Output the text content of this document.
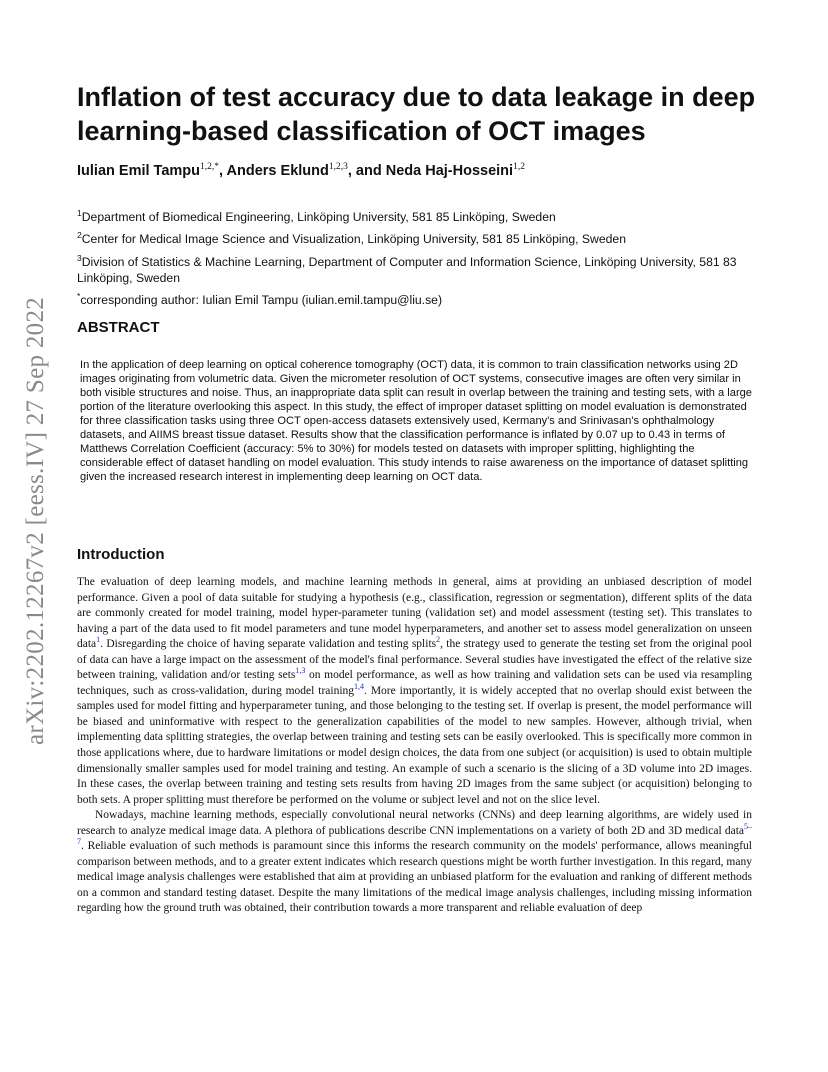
arXiv:2202.12267v2 [eess.IV] 27 Sep 2022
Inflation of test accuracy due to data leakage in deep learning-based classification of OCT images
Iulian Emil Tampu$^{1,2,*}$, Anders Eklund$^{1,2,3}$, and Neda Haj-Hosseini$^{1,2}$

$^1$Department of Biomedical Engineering, Linköping University, 581 85 Linköping, Sweden

$^2$Center for Medical Image Science and Visualization, Linköping University, 581 85 Linköping, Sweden

$^3$Division of Statistics & Machine Learning, Department of Computer and Information Science, Linköping University, 581 83 Linköping, Sweden

*corresponding author: Iulian Emil Tampu (iulian.emil.tampu@liu.se)

ABSTRACT

In the application of deep learning on optical coherence tomography (OCT) data, it is common to train classification networks using 2D images originating from volumetric data. Given the micrometer resolution of OCT systems, consecutive images are often very similar in both visible structures and noise. Thus, an inappropriate data split can result in overlap between the training and testing sets, with a large portion of the literature overlooking this aspect. In this study, the effect of improper dataset splitting on model evaluation is demonstrated for three classification tasks using three OCT open-access datasets extensively used, Kermany's and Srinivasan's ophthalmology datasets, and AIIMS breast tissue dataset. Results show that the classification performance is inflated by 0.07 up to 0.43 in terms of Matthews Correlation Coefficient (accuracy: 5% to 30%) for models tested on datasets with improper splitting, highlighting the considerable effect of dataset handling on model evaluation. This study intends to raise awareness on the importance of dataset splitting given the increased research interest in implementing deep learning on OCT data.

Introduction

The evaluation of deep learning models, and machine learning methods in general, aims at providing an unbiased description of model performance. Given a pool of data suitable for studying a hypothesis (e.g., classification, regression or segmentation), different splits of the data are commonly created for model training, model hyper-parameter tuning (validation set) and model assessment (testing set). This translates to having a part of the data used to fit model parameters and tune model hyperparameters, and another set to assess model generalization on unseen data$^1$. Disregarding the choice of having separate validation and testing splits$^2$, the strategy used to generate the testing set from the original pool of data can have a large impact on the assessment of the model's final performance. Several studies have investigated the effect of the relative size between training, validation and/or testing sets$^{1,3}$ on model performance, as well as how training and validation sets can be used via resampling techniques, such as cross-validation, during model training$^{1,4}$. More importantly, it is widely accepted that no overlap should exist between the samples used for model fitting and hyperparameter tuning, and those belonging to the testing set. If overlap is present, the model performance will be biased and uninformative with respect to the generalization capabilities of the model to new samples. However, although trivial, when implementing data splitting strategies, the overlap between training and testing sets can be easily overlooked. This is specifically more common in those applications where, due to hardware limitations or model design choices, the data from one subject (or acquisition) is used to obtain multiple dimensionally smaller samples used for model training and testing. An example of such a scenario is the slicing of a 3D volume into 2D images. In these cases, the overlap between training and testing sets results from having 2D images from the same subject (or acquisition) belonging to both sets. A proper splitting must therefore be performed on the volume or subject level and not on the slice level.

Nowadays, machine learning methods, especially convolutional neural networks (CNNs) and deep learning algorithms, are widely used in research to analyze medical image data. A plethora of publications describe CNN implementations on a variety of both 2D and 3D medical data$^{5-7}$. Reliable evaluation of such methods is paramount since this informs the research community on the models' performance, allows meaningful comparison between methods, and to a greater extent indicates which research questions might be worth further investigation. In this regard, many medical image analysis challenges were established that aim at providing an unbiased platform for the evaluation and ranking of different methods on a common and standard testing dataset. Despite the many limitations of the medical image analysis challenges, including missing information regarding how the ground truth was obtained, their contribution towards a more transparent and reliable evaluation of deep
